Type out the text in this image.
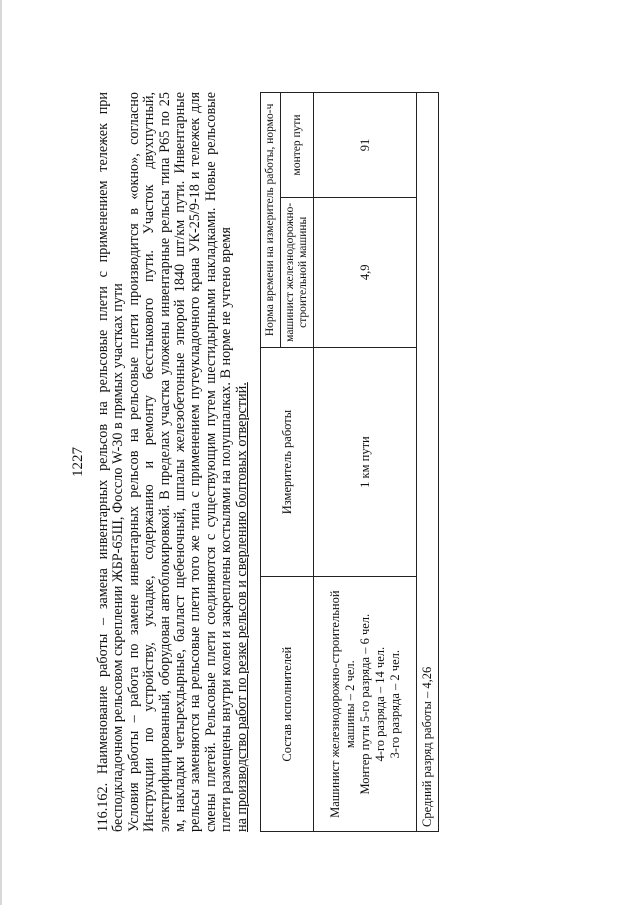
1227 116.162. Наименование работы – замена инвентарных рельсов на рельсовые плети с применением тележек при бесподкладочном рельсовом скреплении ЖБР-65Ш, Фоссло W-30 в прямых участках пути Условия работы – работа по замене инвентарных рельсов на рельсовые плети производится в «окно», согласно Инструкции по устройству, укладке, содержанию и ремонту бесстыкового пути. Участок двухпутный, электрифицированный, оборудован автоблокировкой. В пределах участка уложены инвентарные рельсы типа Р65 по 25 м, накладки четырехдырные, балласт щебеночный, шпалы железобетонные эпюрой 1840 шт/км пути. Инвентарные рельсы заменяются на рельсовые плети того же типа с применением путеукладочного крана УК-25/9-18 и тележек для смены плетей. Рельсовые плети соединяются с существующим путем шестидырными накладками. Новые рельсовые плети размещены внутри колеи и закреплены костылями на полушпалках. В норме не учтено время на производство работ по резке рельсов и сверлению болтовых отверстий. Состав исполнителей	Измеритель работы	Норма времени на измеритель работы, нормо-ч	
		машинист железнодорожно-строительной машины	монтер пути

Машинист железнодорожно-строительной машины – 2 чел. Монтер пути 5-го разряда – 6 чел. 4-го разряда – 14 чел. 3-го разряда – 2 чел.	1 км пути	4,9	91
Средний разряд работы – 4,26			
